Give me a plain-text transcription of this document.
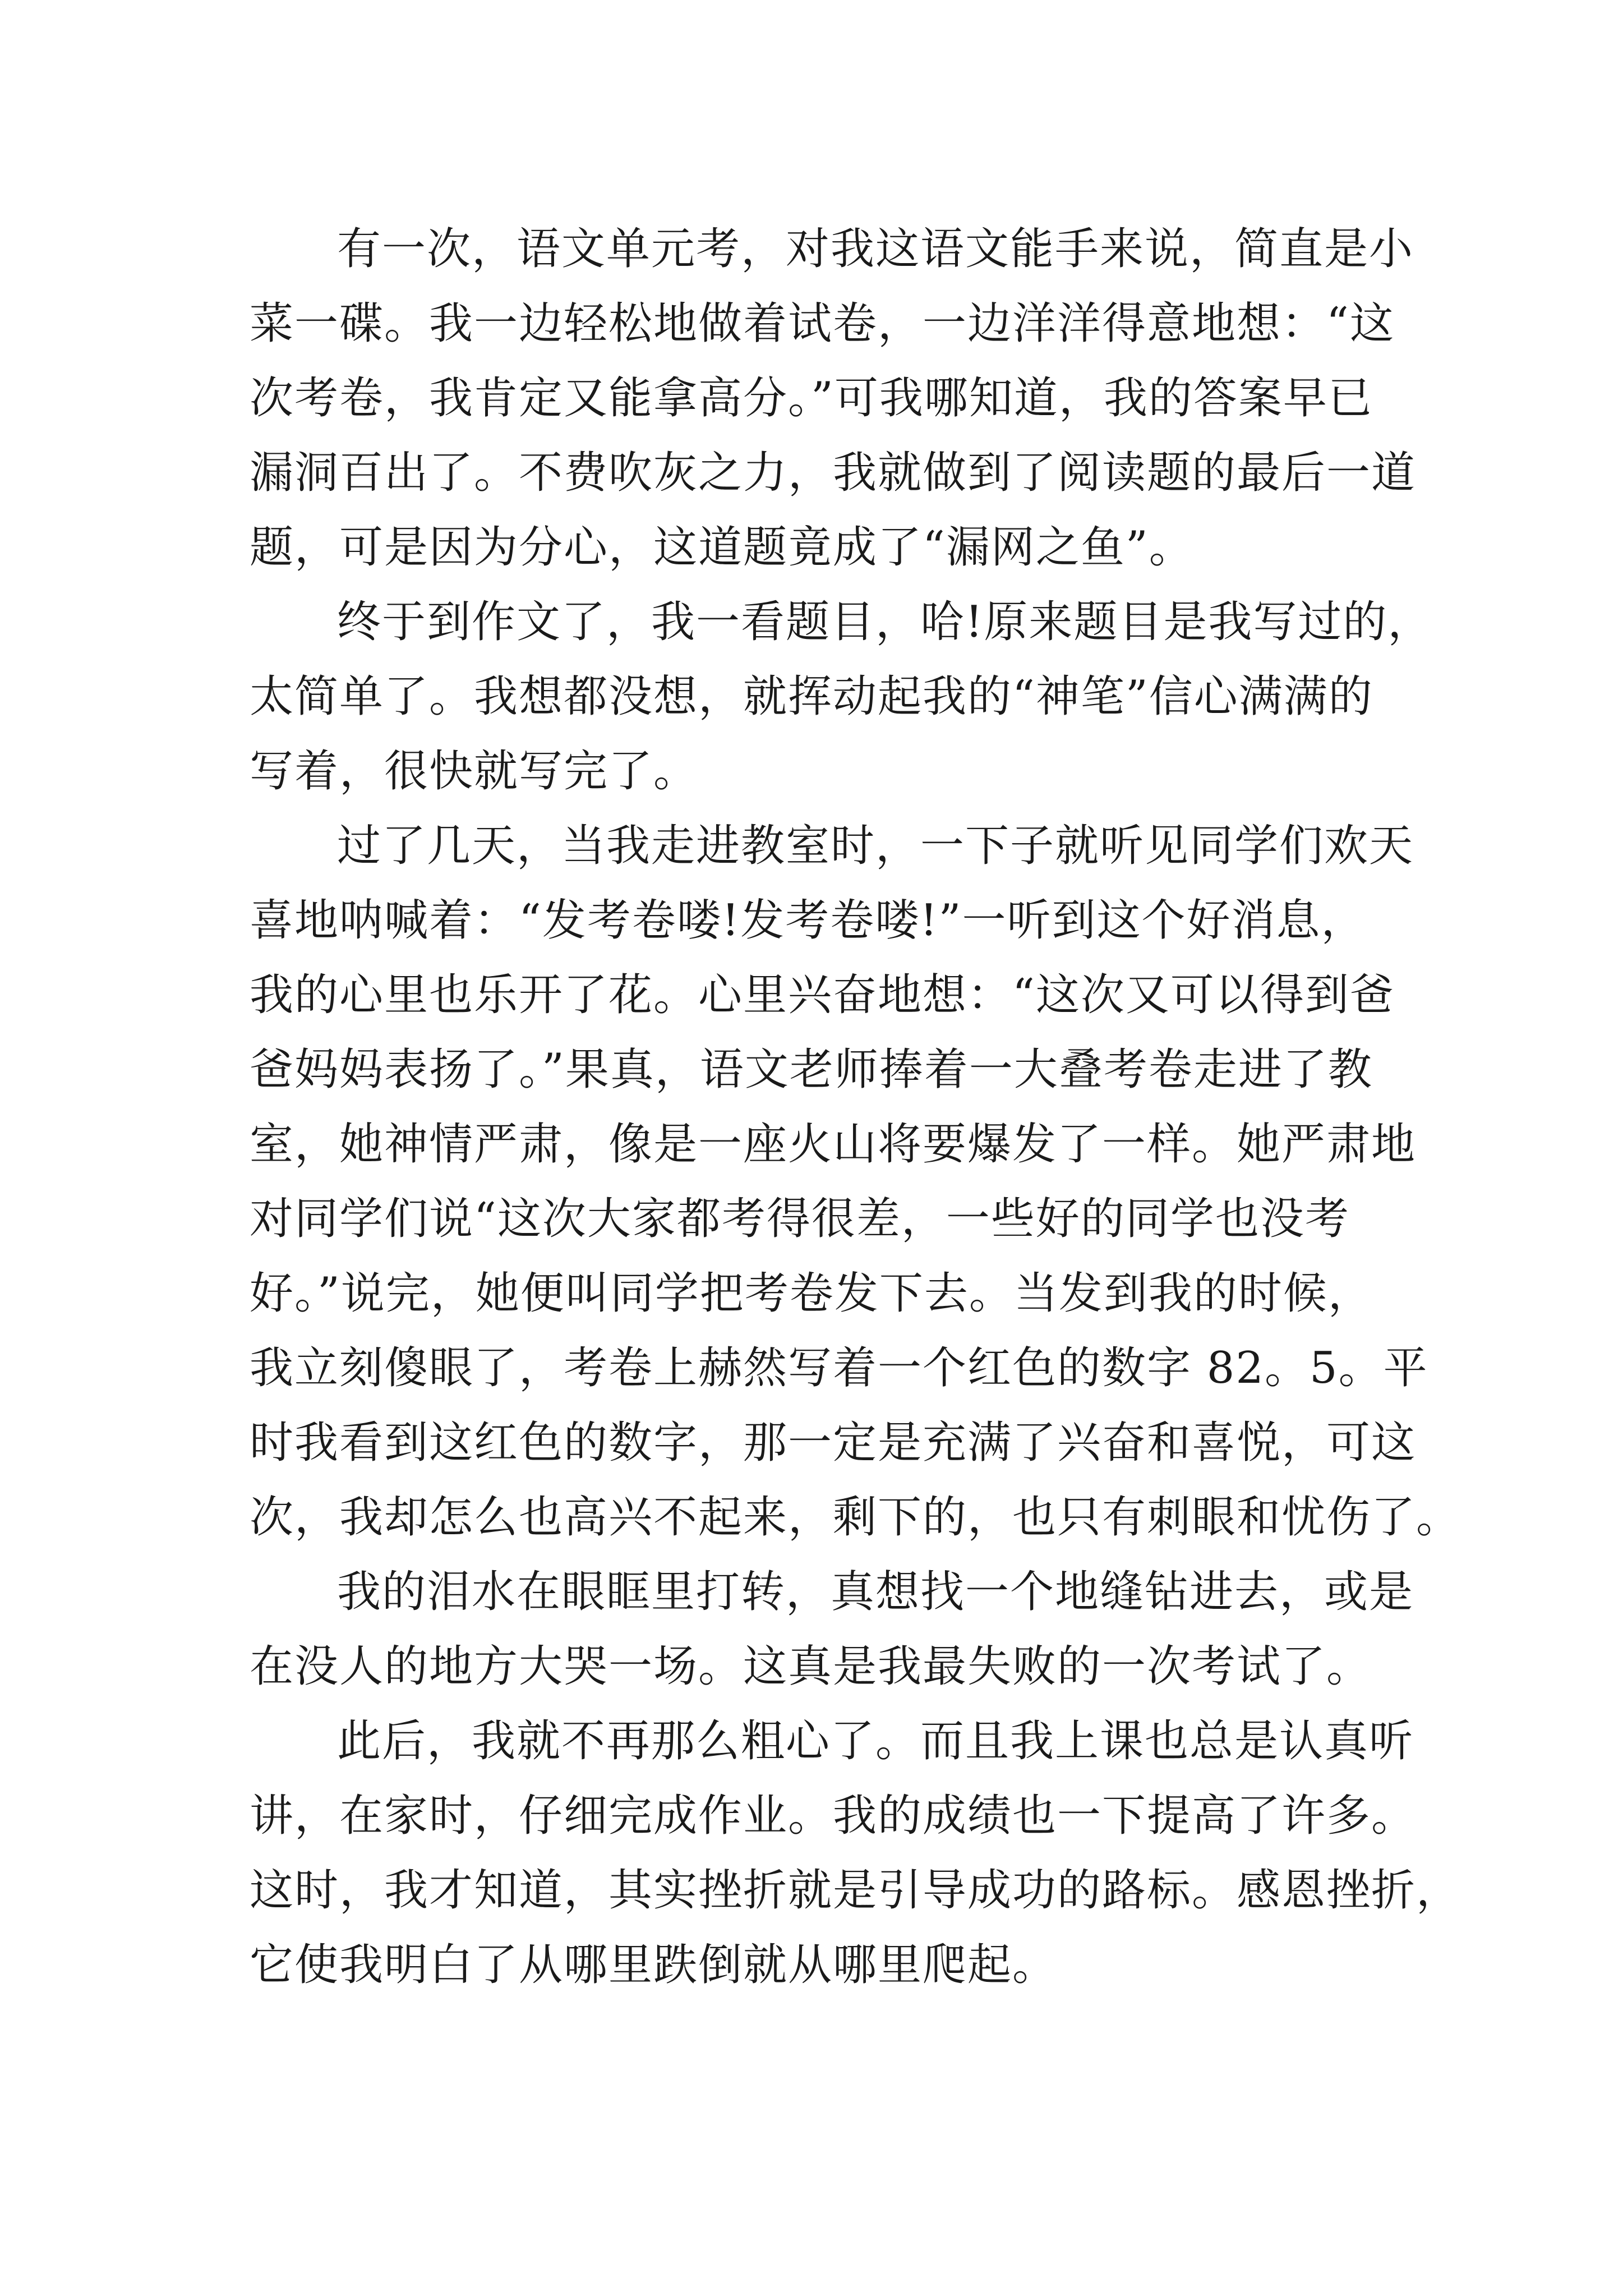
有一次，语文单元考，对我这语文能手来说，简直是小
菜一碟。我一边轻松地做着试卷，一边洋洋得意地想：“这
次考卷，我肯定又能拿高分。”可我哪知道，我的答案早已
漏洞百出了。不费吹灰之力，我就做到了阅读题的最后一道
题，可是因为分心，这道题竟成了“漏网之鱼”。
终于到作文了，我一看题目，哈!原来题目是我写过的，
太简单了。我想都没想，就挥动起我的“神笔”信心满满的
写着，很快就写完了。
过了几天，当我走进教室时，一下子就听见同学们欢天
喜地呐喊着：“发考卷喽!发考卷喽!”一听到这个好消息，
我的心里也乐开了花。心里兴奋地想：“这次又可以得到爸
爸妈妈表扬了。”果真，语文老师捧着一大叠考卷走进了教
室，她神情严肃，像是一座火山将要爆发了一样。她严肃地
对同学们说“这次大家都考得很差，一些好的同学也没考
好。”说完，她便叫同学把考卷发下去。当发到我的时候，
我立刻傻眼了，考卷上赫然写着一个红色的数字 82。5。平
时我看到这红色的数字，那一定是充满了兴奋和喜悦，可这
次，我却怎么也高兴不起来，剩下的，也只有刺眼和忧伤了。
我的泪水在眼眶里打转，真想找一个地缝钻进去，或是
在没人的地方大哭一场。这真是我最失败的一次考试了。
此后，我就不再那么粗心了。而且我上课也总是认真听
讲，在家时，仔细完成作业。我的成绩也一下提高了许多。
这时，我才知道，其实挫折就是引导成功的路标。感恩挫折，
它使我明白了从哪里跌倒就从哪里爬起。
